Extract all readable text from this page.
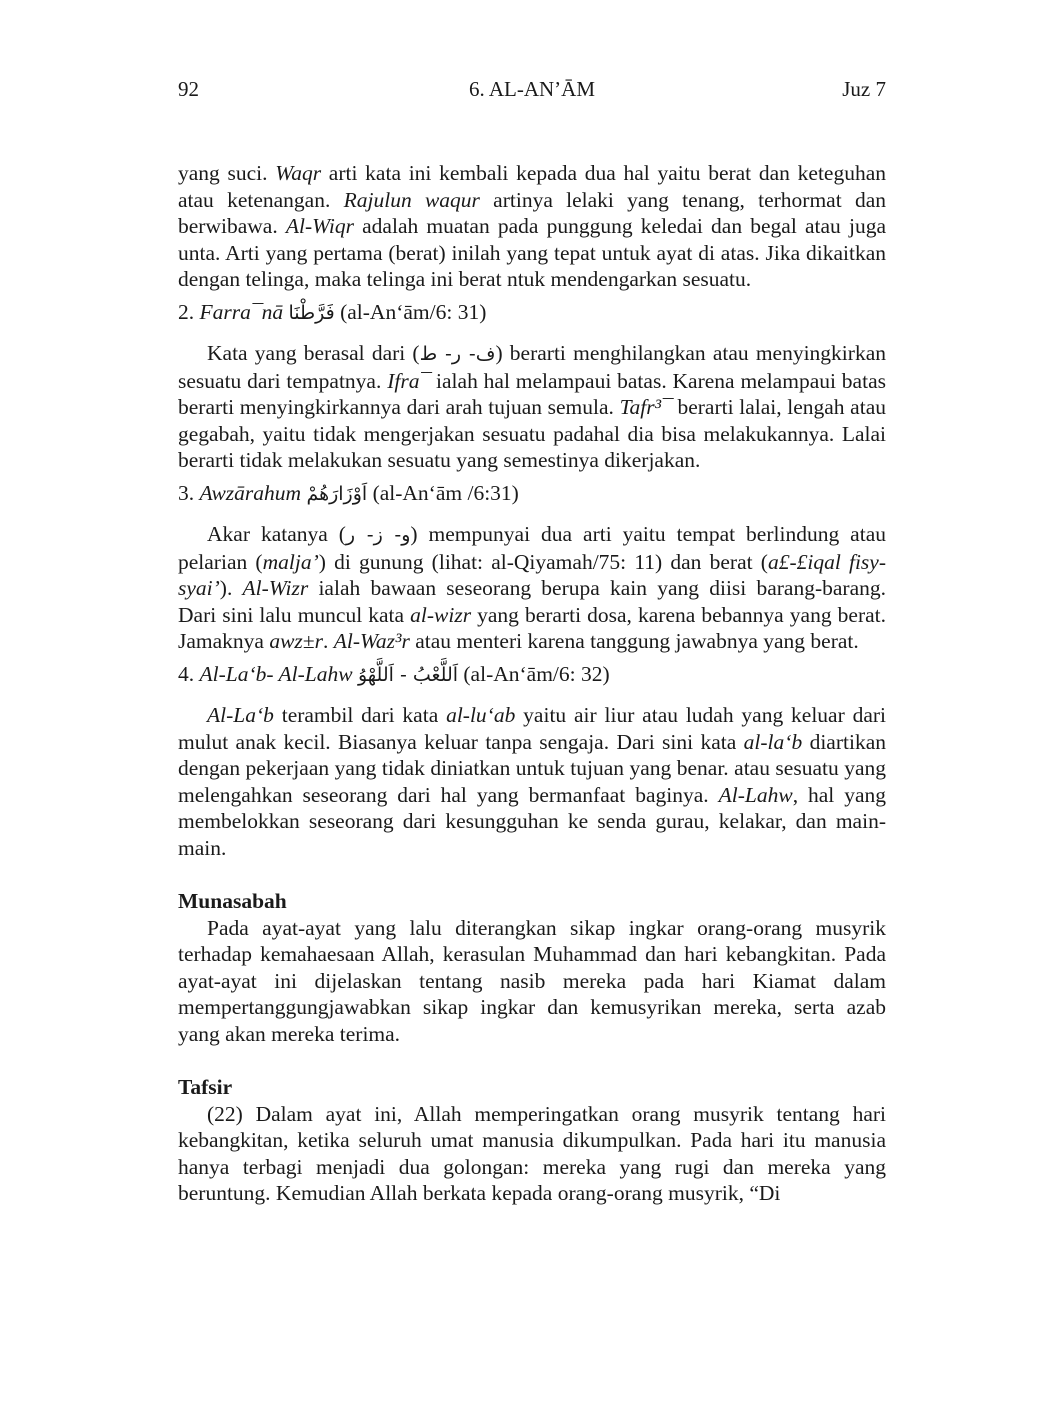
92	6. AL-AN’ĀM	Juz 7

yang suci. Waqr arti kata ini kembali kepada dua hal yaitu berat dan keteguhan atau ketenangan. Rajulun waqur artinya lelaki yang tenang, terhormat dan berwibawa. Al-Wiqr adalah muatan pada punggung keledai dan begal atau juga unta. Arti yang pertama (berat) inilah yang tepat untuk ayat di atas. Jika dikaitkan dengan telinga, maka telinga ini berat ntuk mendengarkan sesuatu.

2. Farra¯nā فَرَّطْنَا (al-An‘ām/6: 31)

Kata yang berasal dari (ف- ر- ط) berarti menghilangkan atau menyingkirkan sesuatu dari tempatnya. Ifra¯ ialah hal melampaui batas. Karena melampaui batas berarti menyingkirkannya dari arah tujuan semula. Tafr³¯ berarti lalai, lengah atau gegabah, yaitu tidak mengerjakan sesuatu padahal dia bisa melakukannya. Lalai berarti tidak melakukan sesuatu yang semestinya dikerjakan.

3. Awzārahum اَوْزَارَهُمْ (al-An‘ām /6:31)

Akar katanya (و- ز- ر) mempunyai dua arti yaitu tempat berlindung atau pelarian (malja’) di gunung (lihat: al-Qiyamah/75: 11) dan berat (a£-£iqal fisy-syai’). Al-Wizr ialah bawaan seseorang berupa kain yang diisi barang-barang. Dari sini lalu muncul kata al-wizr yang berarti dosa, karena bebannya yang berat. Jamaknya awz±r. Al-Waz³r atau menteri karena tanggung jawabnya yang berat.

4. Al-La‘b- Al-Lahw اَللَّعْبُ - اَللَّهْوُ (al-An‘ām/6: 32)

Al-La‘b terambil dari kata al-lu‘ab yaitu air liur atau ludah yang keluar dari mulut anak kecil. Biasanya keluar tanpa sengaja. Dari sini kata al-la‘b diartikan dengan pekerjaan yang tidak diniatkan untuk tujuan yang benar. atau sesuatu yang melengahkan seseorang dari hal yang bermanfaat baginya. Al-Lahw, hal yang membelokkan seseorang dari kesungguhan ke senda gurau, kelakar, dan main-main.

Munasabah

Pada ayat-ayat yang lalu diterangkan sikap ingkar orang-orang musyrik terhadap kemahaesaan Allah, kerasulan Muhammad dan hari kebangkitan. Pada ayat-ayat ini dijelaskan tentang nasib mereka pada hari Kiamat dalam mempertanggungjawabkan sikap ingkar dan kemusyrikan mereka, serta azab yang akan mereka terima.

Tafsir

(22) Dalam ayat ini, Allah memperingatkan orang musyrik tentang hari kebangkitan, ketika seluruh umat manusia dikumpulkan. Pada hari itu manusia hanya terbagi menjadi dua golongan: mereka yang rugi dan mereka yang beruntung. Kemudian Allah berkata kepada orang-orang musyrik, “Di
